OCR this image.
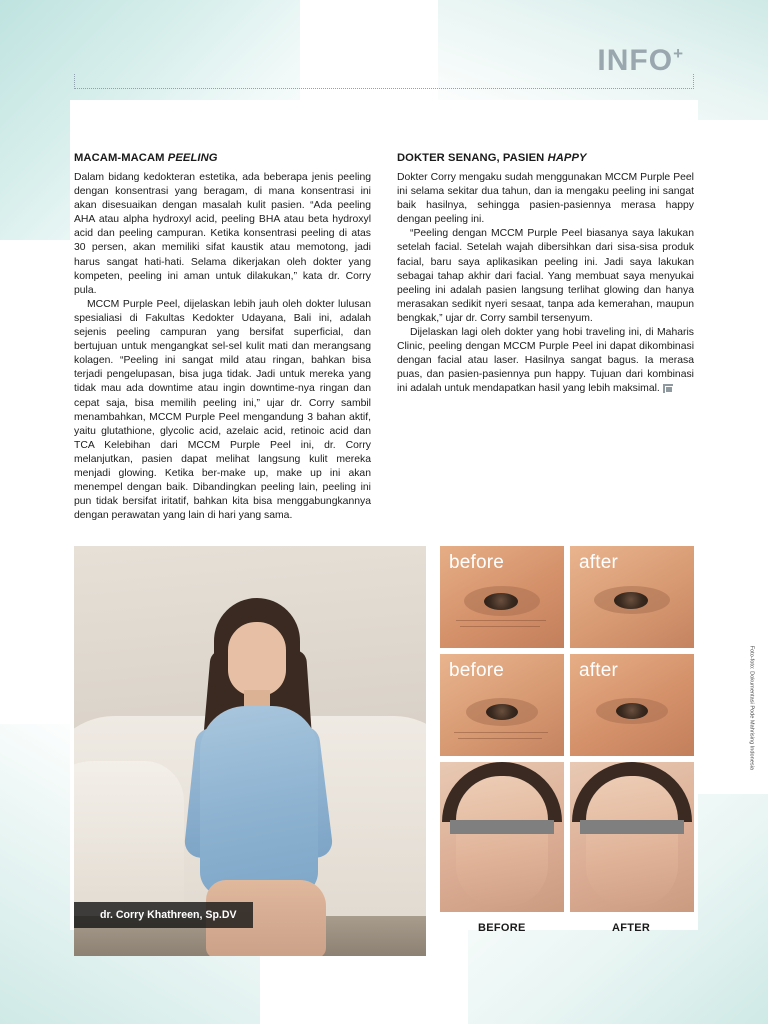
INFO+
MACAM-MACAM PEELING

Dalam bidang kedokteran estetika, ada beberapa jenis peeling dengan konsentrasi yang beragam, di mana konsentrasi ini akan disesuaikan dengan masalah kulit pasien. “Ada peeling AHA atau alpha hydroxyl acid, peeling BHA atau beta hydroxyl acid dan peeling campuran. Ketika konsentrasi peeling di atas 30 persen, akan memiliki sifat kaustik atau memotong, jadi harus sangat hati-hati. Selama dikerjakan oleh dokter yang kompeten, peeling ini aman untuk dilakukan,” kata dr. Corry pula.

MCCM Purple Peel, dijelaskan lebih jauh oleh dokter lulusan spesialiasi di Fakultas Kedokter Udayana, Bali ini, adalah sejenis peeling campuran yang bersifat superficial, dan bertujuan untuk mengangkat sel-sel kulit mati dan merangsang kolagen. “Peeling ini sangat mild atau ringan, bahkan bisa terjadi pengelupasan, bisa juga tidak. Jadi untuk mereka yang tidak mau ada downtime atau ingin downtime-nya ringan dan cepat saja, bisa memilih peeling ini,” ujar dr. Corry sambil menambahkan, MCCM Purple Peel mengandung 3 bahan aktif, yaitu glutathione, glycolic acid, azelaic acid, retinoic acid dan TCA Kelebihan dari MCCM Purple Peel ini, dr. Corry melanjutkan, pasien dapat melihat langsung kulit mereka menjadi glowing. Ketika ber-make up, make up ini akan menempel dengan baik. Dibandingkan peeling lain, peeling ini pun tidak bersifat iritatif, bahkan kita bisa menggabungkannya dengan perawatan yang lain di hari yang sama.

DOKTER SENANG, PASIEN HAPPY

Dokter Corry mengaku sudah menggunakan MCCM Purple Peel ini selama sekitar dua tahun, dan ia mengaku peeling ini sangat baik hasilnya, sehingga pasien-pasiennya merasa happy dengan peeling ini.

“Peeling dengan MCCM Purple Peel biasanya saya lakukan setelah facial. Setelah wajah dibersihkan dari sisa-sisa produk facial, baru saya aplikasikan peeling ini. Jadi saya lakukan sebagai tahap akhir dari facial. Yang membuat saya menyukai peeling ini adalah pasien langsung terlihat glowing dan hanya merasakan sedikit nyeri sesaat, tanpa ada kemerahan, maupun bengkak,” ujar dr. Corry sambil tersenyum.

Dijelaskan lagi oleh dokter yang hobi traveling ini, di Maharis Clinic, peeling dengan MCCM Purple Peel ini dapat dikombinasi dengan facial atau laser. Hasilnya sangat bagus. Ia merasa puas, dan pasien-pasiennya pun happy. Tujuan dari kombinasi ini adalah untuk mendapatkan hasil yang lebih maksimal.

dr. Corry Khathreen, Sp.DV
before	after
before	after
BEFORE	AFTER
Foto-foto: Dokumentasi Pode Mahrising Indonesia
